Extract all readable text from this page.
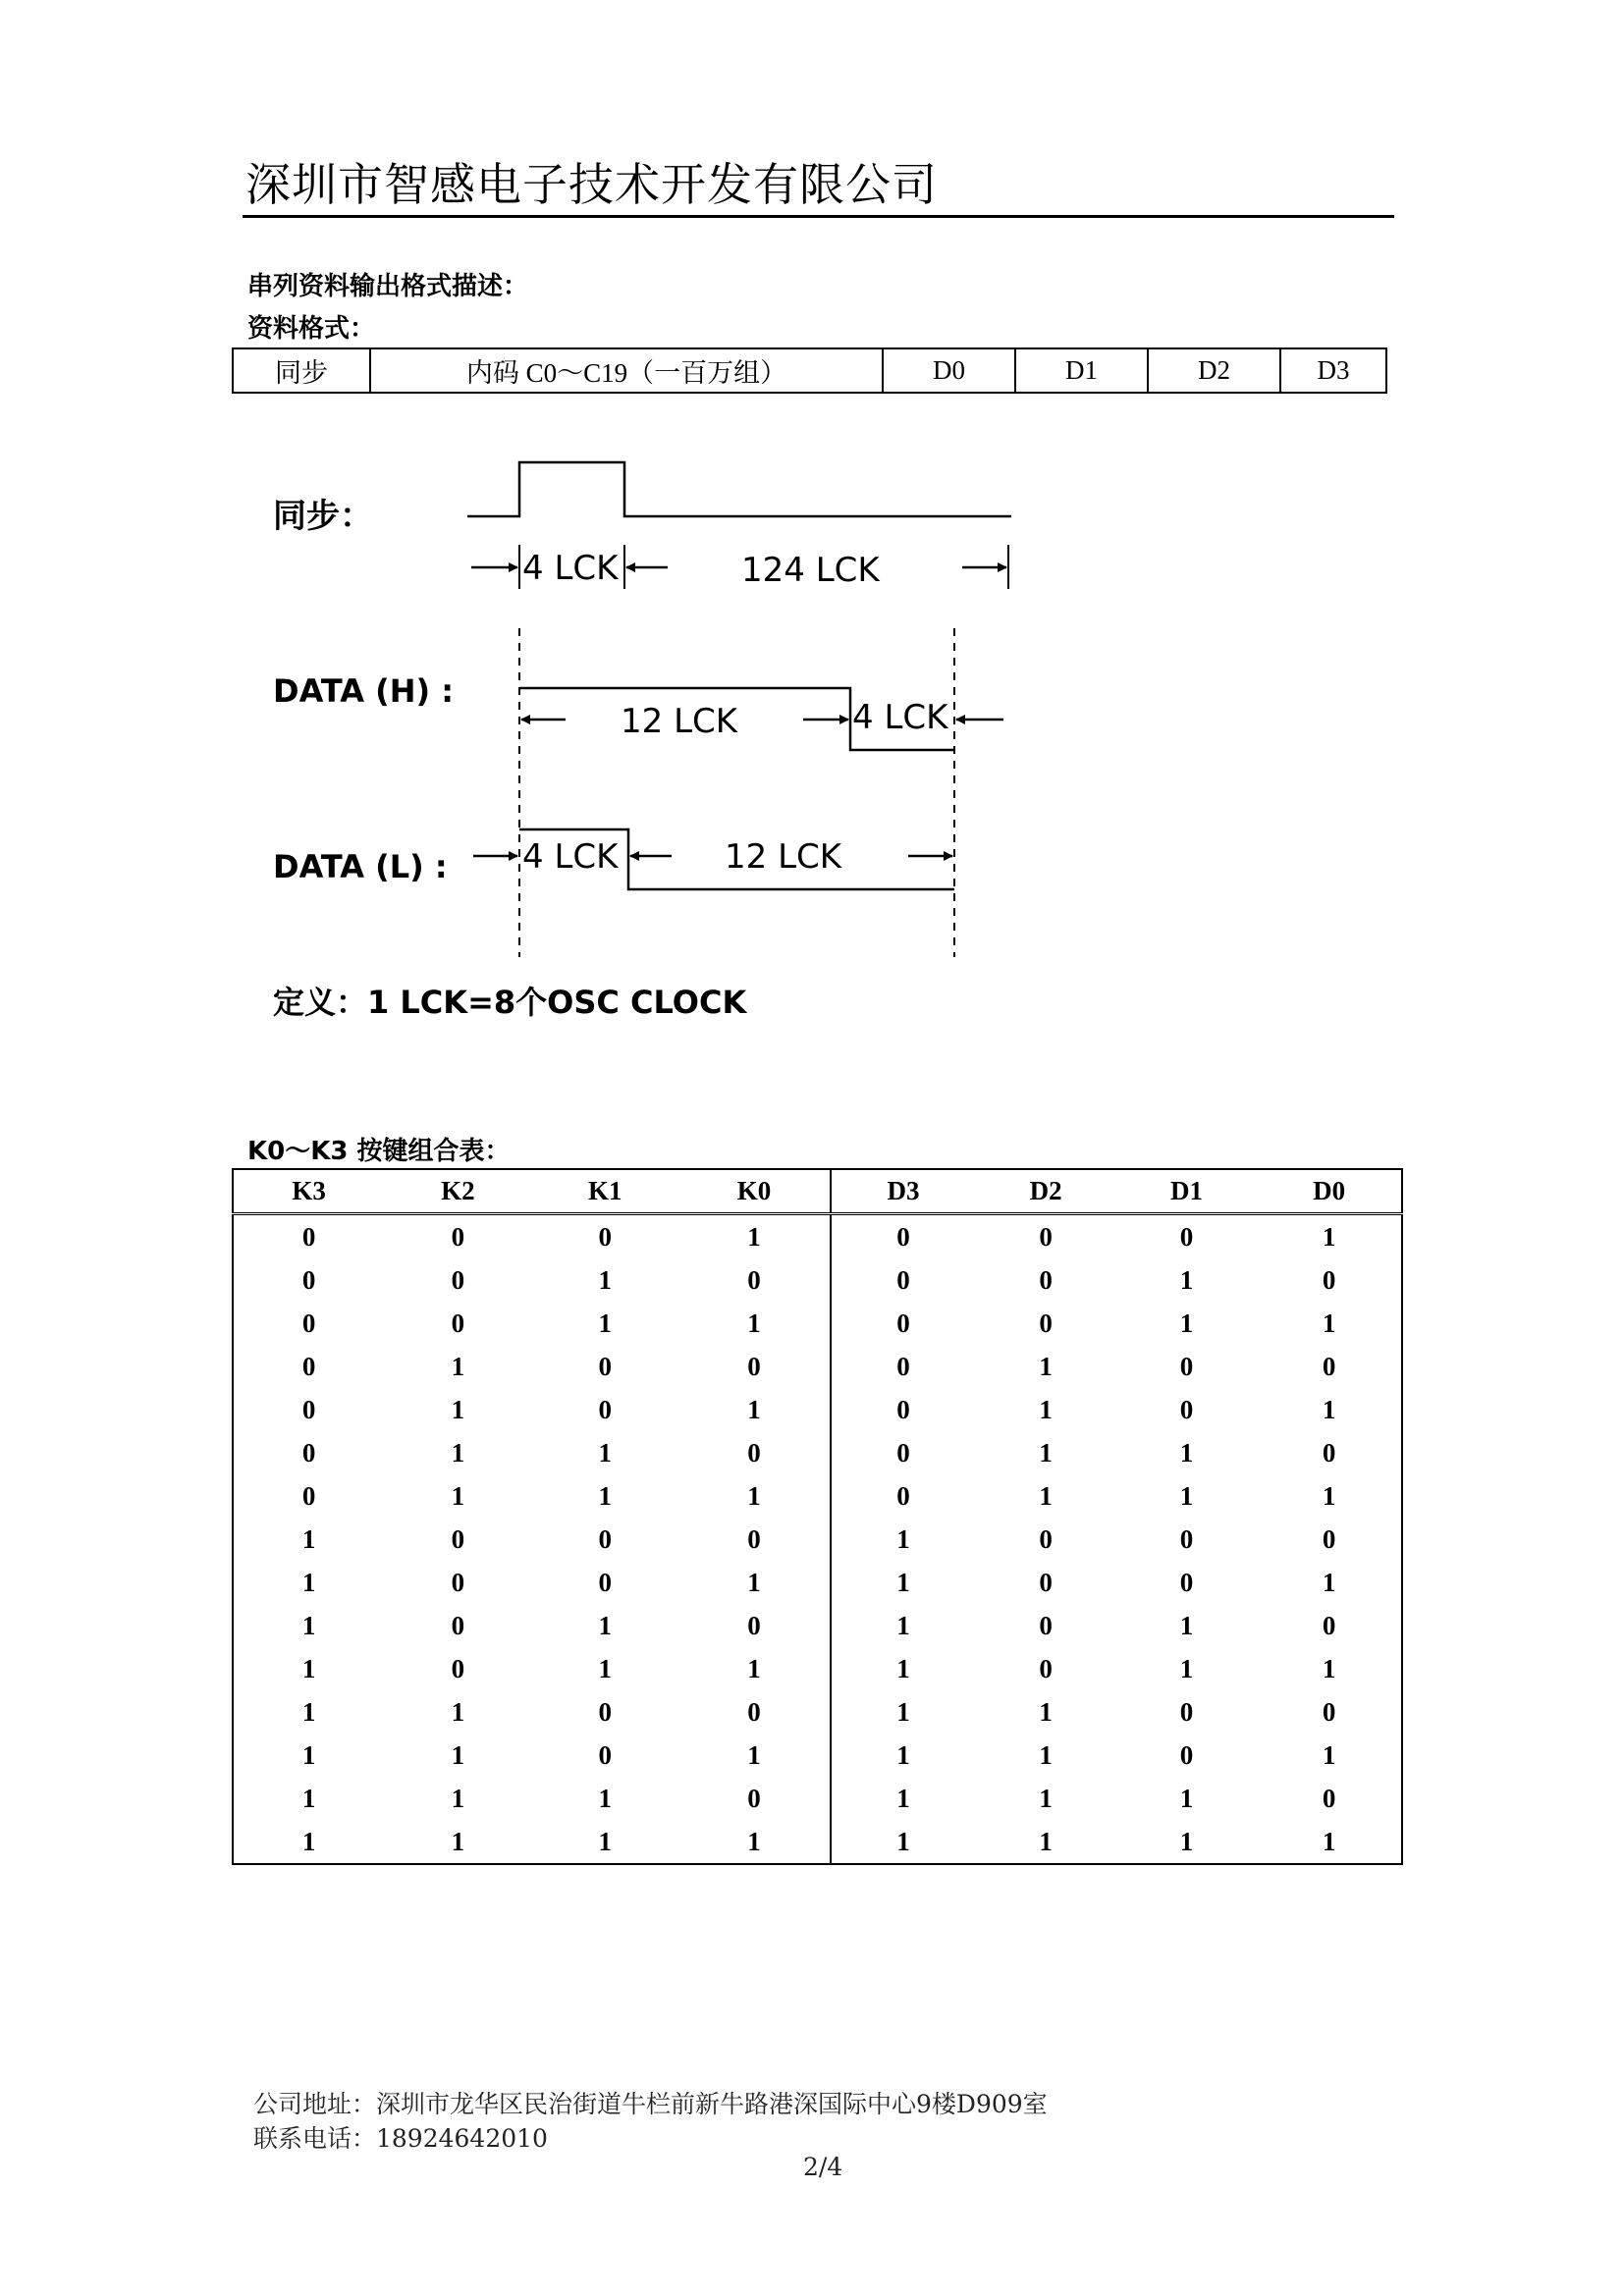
深圳市智感电子技术开发有限公司
串列资料输出格式描述：
资料格式：
同步	内码 C0～C19（一百万组）	D0	D1	D2	D3
同步：
DATA (H) :
DATA (L) :
4 LCK	124 LCK
12 LCK	4 LCK
4 LCK	12 LCK
定义：1 LCK=8个OSC CLOCK
K0～K3 按键组合表：
K3	K2	K1	K0	D3	D2	D1	D0
0	0	0	1	0	0	0	1
0	0	1	0	0	0	1	0
0	0	1	1	0	0	1	1
0	1	0	0	0	1	0	0
0	1	0	1	0	1	0	1
0	1	1	0	0	1	1	0
0	1	1	1	0	1	1	1
1	0	0	0	1	0	0	0
1	0	0	1	1	0	0	1
1	0	1	0	1	0	1	0
1	0	1	1	1	0	1	1
1	1	0	0	1	1	0	0
1	1	0	1	1	1	0	1
1	1	1	0	1	1	1	0
1	1	1	1	1	1	1	1
公司地址：深圳市龙华区民治街道牛栏前新牛路港深国际中心9楼D909室
联系电话：18924642010
2/4
